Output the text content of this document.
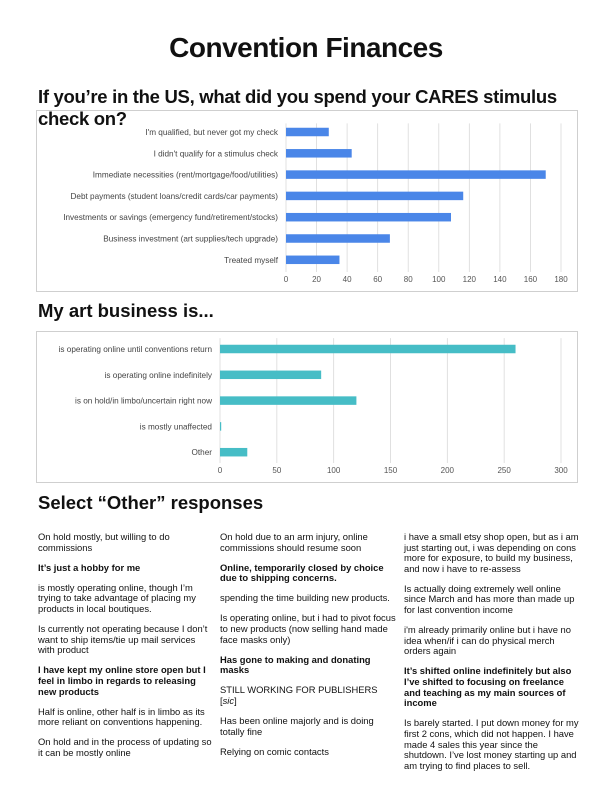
Convention Finances
If you’re in the US, what did you spend your CARES stimulus check on?
0	20	40	60	80 100 120 140 160 180
I'm qualified, but never got my check
I didn't qualify for a stimulus check
Immediate necessities (rent/mortgage/food/utilities)
Debt payments (student loans/credit cards/car payments)
Investments or savings (emergency fund/retirement/stocks)
Business investment (art supplies/tech upgrade)
Treated myself
My art business is...
0	50	100	150	200	250	300
is operating online until conventions return
is operating online indefinitely
is on hold/in limbo/uncertain right now
is mostly unaffected
Other
Select “Other” responses

On hold mostly, but willing to do commissions

It’s just a hobby for me

is mostly operating online, though I’m trying to take advantage of placing my products in local boutiques.

Is currently not operating because I don’t want to ship items/tie up mail services with product

I have kept my online store open but I feel in limbo in regards to releasing new products

Half is online, other half is in limbo as its more reliant on conventions happening.

On hold and in the process of updating so it can be mostly online

On hold due to an arm injury, online commissions should resume soon

Online, temporarily closed by choice due to shipping concerns.

spending the time building new products.

Is operating online, but i had to pivot focus to new products (now selling hand made face masks only)

Has gone to making and donating masks

STILL WORKING FOR PUBLISHERS [sic]

Has been online majorly and is doing totally fine

Relying on comic contacts

i have a small etsy shop open, but as i am just starting out, i was depending on cons more for exposure, to build my business, and now i have to re-assess

Is actually doing extremely well online since March and has more than made up for last convention income

i'm already primarily online but i have no idea when/if i can do physical merch orders again

It’s shifted online indefinitely but also I’ve shifted to focusing on freelance and teaching as my main sources of income

Is barely started. I put down money for my first 2 cons, which did not happen. I have made 4 sales this year since the shutdown. I’ve lost money starting up and am trying to find places to sell.
